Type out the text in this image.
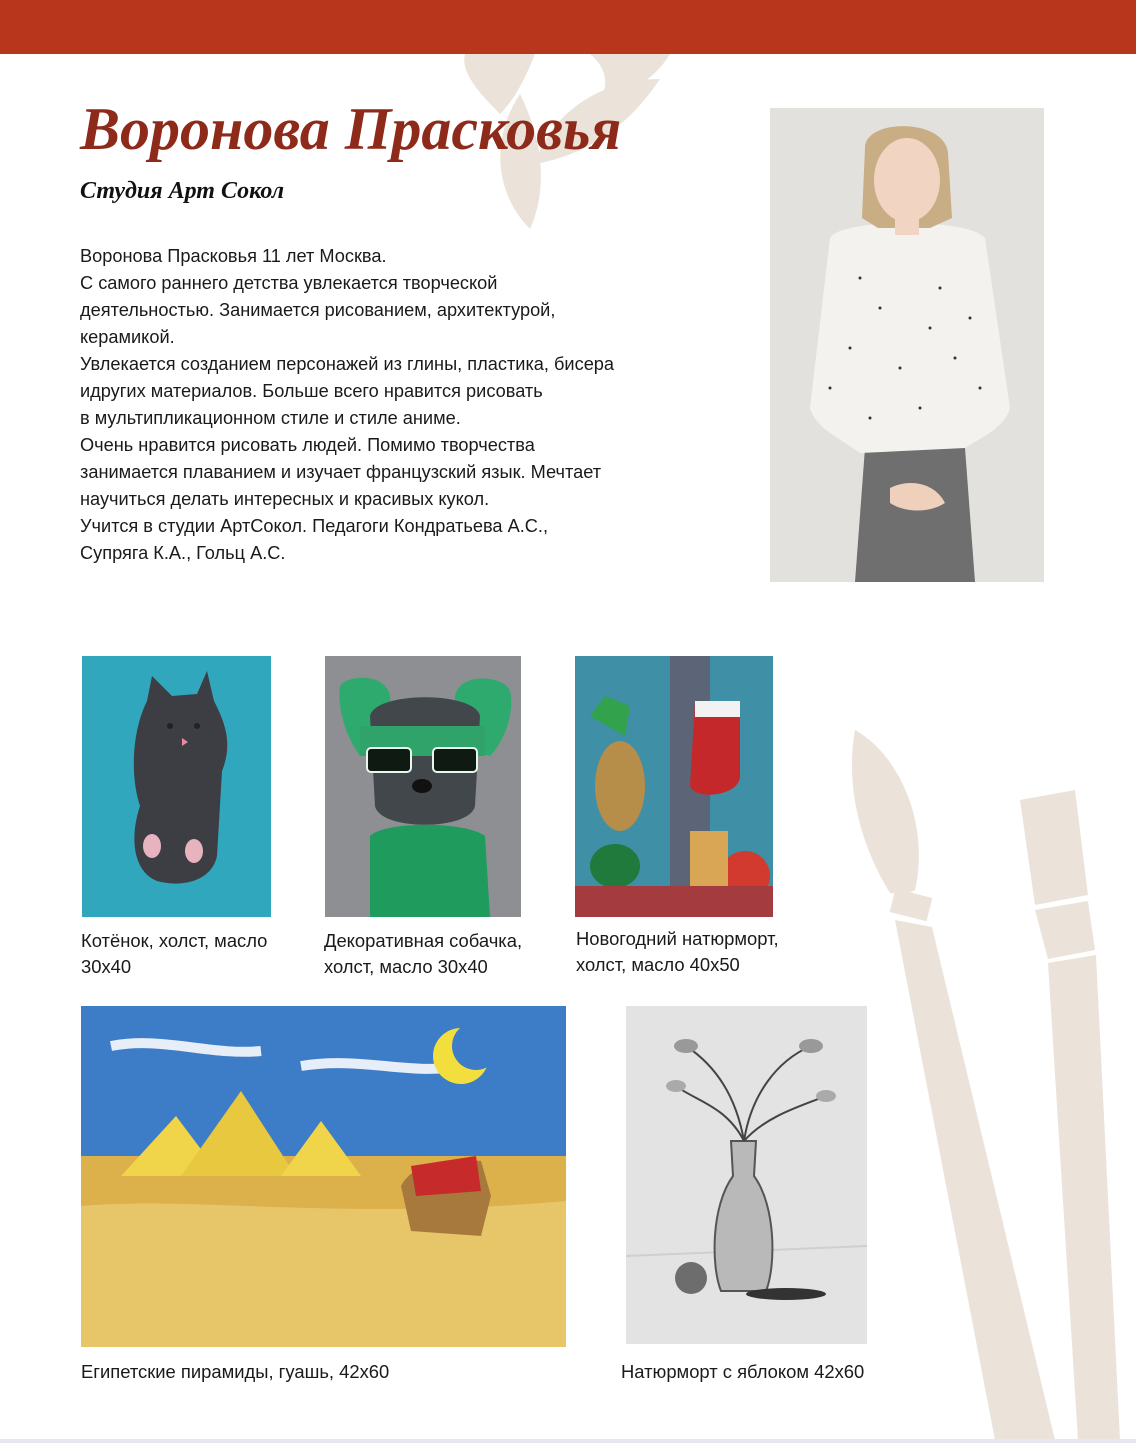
Воронова Прасковья
Студия Арт Сокол

Воронова Прасковья 11 лет Москва.

С самого раннего детства увлекается творческой

деятельностью. Занимается рисованием, архитектурой,

керамикой.

Увлекается созданием персонажей из глины, пластика, бисера

идругих материалов. Больше всего нравится рисовать

в мультипликационном стиле и стиле аниме.

Очень нравится рисовать людей. Помимо творчества

занимается плаванием и изучает французский язык. Мечтает

научиться делать интересных и красивых кукол.

Учится в студии АртСокол. Педагоги Кондратьева А.С.,

Супряга К.А., Гольц А.С.

Котёнок, холст, масло
30х40

Декоративная собачка,
холст, масло 30х40

Новогодний натюрморт,
холст, масло 40х50

Египетские пирамиды, гуашь, 42х60	Натюрморт с яблоком 42х60
